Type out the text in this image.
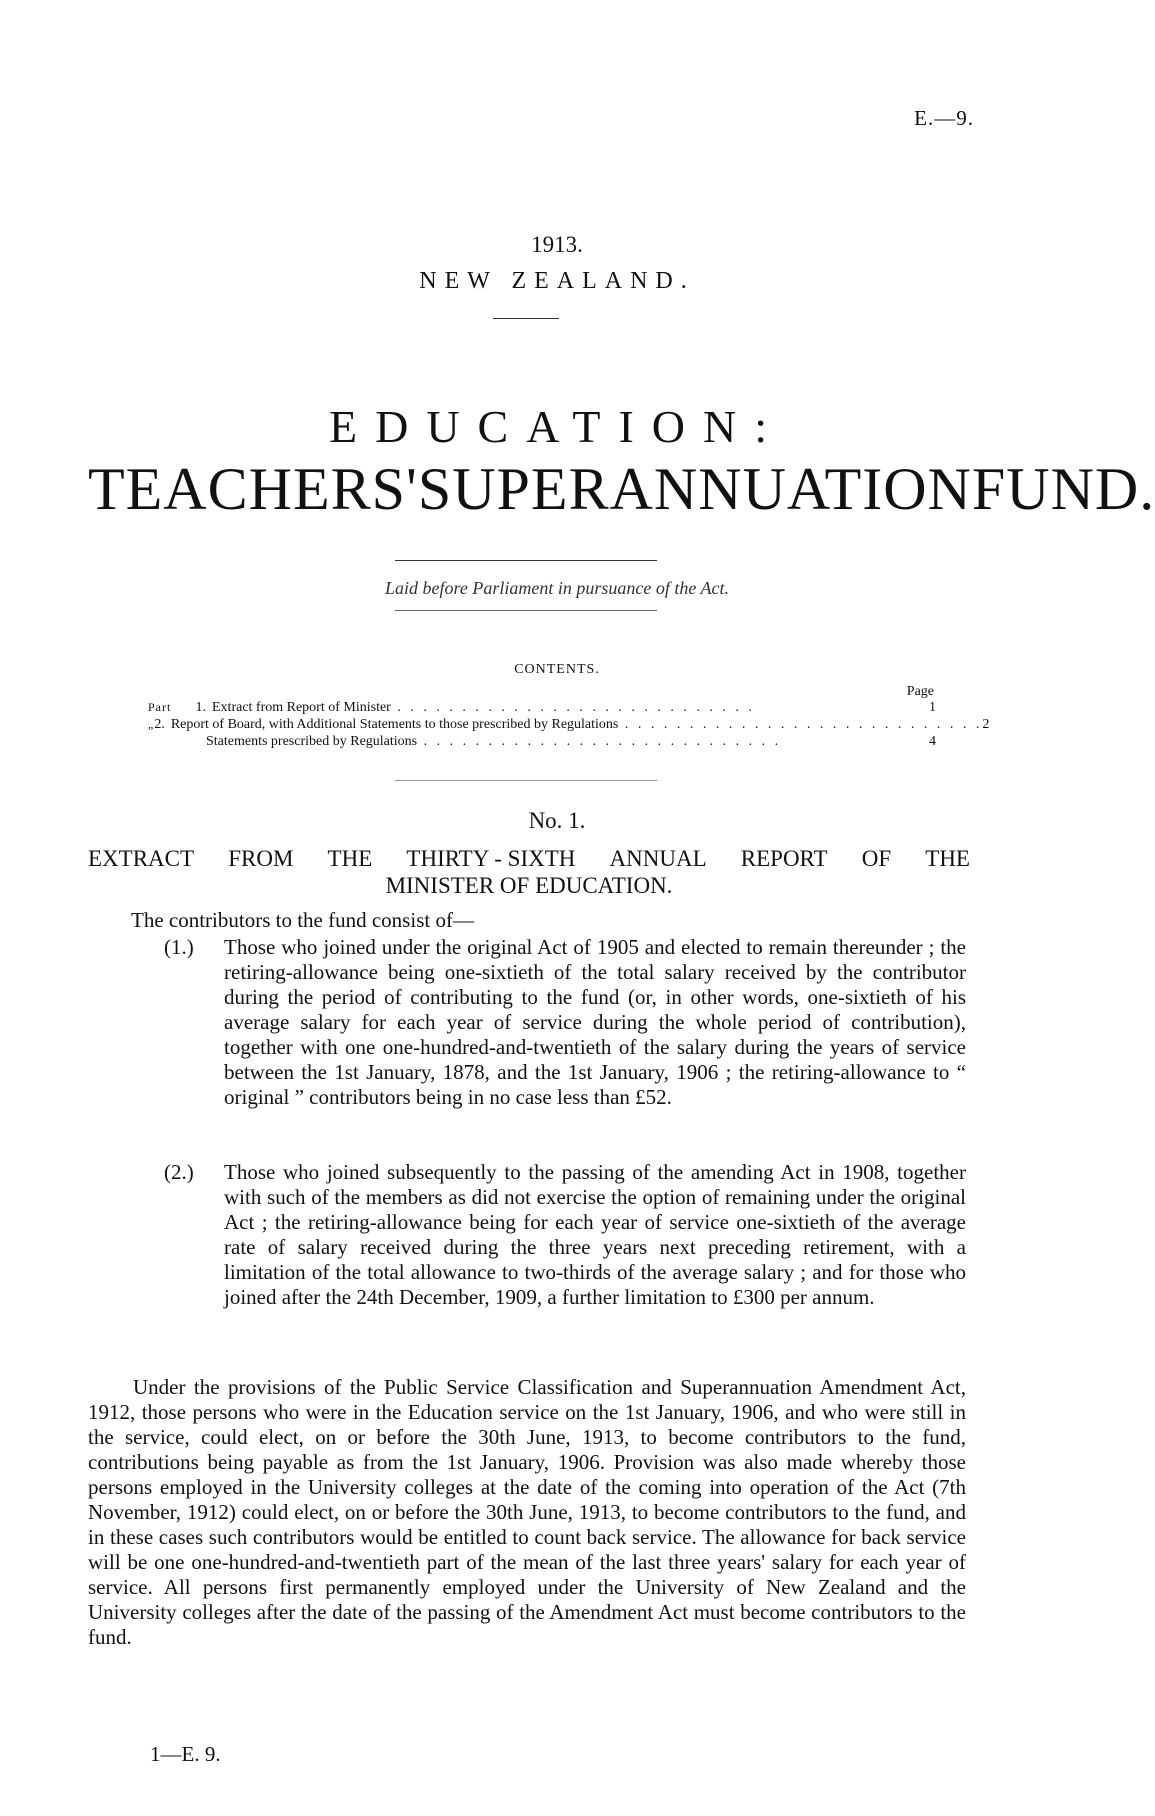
E.—9.
1913.
NEW ZEALAND.
EDUCATION:
TEACHERS' SUPERANNUATION FUND.
Laid before Parliament in pursuance of the Act.
CONTENTS.
Page
Part	1. Extract from Report of Minister . .	1
„ 2. Report of Board, with Additional Statements to those prescribed by Regulations . .	2
Statements prescribed by Regulations . .	4
No. 1.
EXTRACT FROM THE THIRTY - SIXTH ANNUAL REPORT OF THE
MINISTER OF EDUCATION.
The contributors to the fund consist of—
(1.) Those who joined under the original Act of 1905 and elected to remain thereunder ; the retiring-allowance being one-sixtieth of the total salary received by the contributor during the period of contributing to the fund (or, in other words, one-sixtieth of his average salary for each year of service during the whole period of contribution), together with one one-hundred-and-twentieth of the salary during the years of service between the 1st January, 1878, and the 1st January, 1906 ; the retiring-allowance to “ original ” contributors being in no case less than £52.
(2.) Those who joined subsequently to the passing of the amending Act in 1908, together with such of the members as did not exercise the option of remaining under the original Act ; the retiring-allowance being for each year of service one-sixtieth of the average rate of salary received during the three years next preceding retirement, with a limitation of the total allowance to two-thirds of the average salary ; and for those who joined after the 24th December, 1909, a further limitation to £300 per annum.
Under the provisions of the Public Service Classification and Superannuation Amendment Act, 1912, those persons who were in the Education service on the 1st January, 1906, and who were still in the service, could elect, on or before the 30th June, 1913, to become contributors to the fund, contributions being payable as from the 1st January, 1906. Provision was also made whereby those persons employed in the University colleges at the date of the coming into operation of the Act (7th November, 1912) could elect, on or before the 30th June, 1913, to become contributors to the fund, and in these cases such contributors would be entitled to count back service. The allowance for back service will be one one-hundred-and-twentieth part of the mean of the last three years' salary for each year of service. All persons first permanently employed under the University of New Zealand and the University colleges after the date of the passing of the Amendment Act must become contributors to the fund.
1—E. 9.
